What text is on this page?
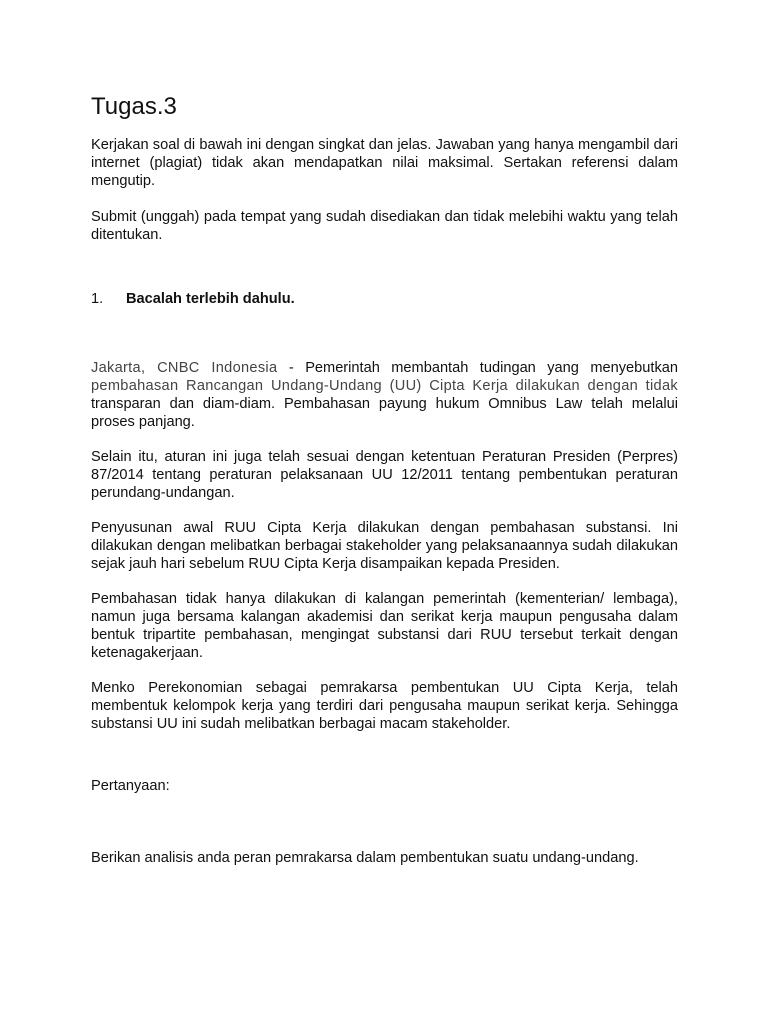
Tugas.3

Kerjakan soal di bawah ini dengan singkat dan jelas. Jawaban yang hanya mengambil dari internet (plagiat) tidak akan mendapatkan nilai maksimal. Sertakan referensi dalam mengutip.

Submit (unggah) pada tempat yang sudah disediakan dan tidak melebihi waktu yang telah ditentukan.

1.	Bacalah terlebih dahulu.

Jakarta, CNBC Indonesia - Pemerintah membantah tudingan yang menyebutkan pembahasan Rancangan Undang-Undang (UU) Cipta Kerja dilakukan dengan tidak transparan dan diam-diam. Pembahasan payung hukum Omnibus Law telah melalui proses panjang.

Selain itu, aturan ini juga telah sesuai dengan ketentuan Peraturan Presiden (Perpres) 87/2014 tentang peraturan pelaksanaan UU 12/2011 tentang pembentukan peraturan perundang-undangan.

Penyusunan awal RUU Cipta Kerja dilakukan dengan pembahasan substansi. Ini dilakukan dengan melibatkan berbagai stakeholder yang pelaksanaannya sudah dilakukan sejak jauh hari sebelum RUU Cipta Kerja disampaikan kepada Presiden.

Pembahasan tidak hanya dilakukan di kalangan pemerintah (kementerian/ lembaga), namun juga bersama kalangan akademisi dan serikat kerja maupun pengusaha dalam bentuk tripartite pembahasan, mengingat substansi dari RUU tersebut terkait dengan ketenagakerjaan.

Menko Perekonomian sebagai pemrakarsa pembentukan UU Cipta Kerja, telah membentuk kelompok kerja yang terdiri dari pengusaha maupun serikat kerja. Sehingga substansi UU ini sudah melibatkan berbagai macam stakeholder.

Pertanyaan:

Berikan analisis anda peran pemrakarsa dalam pembentukan suatu undang-undang.
